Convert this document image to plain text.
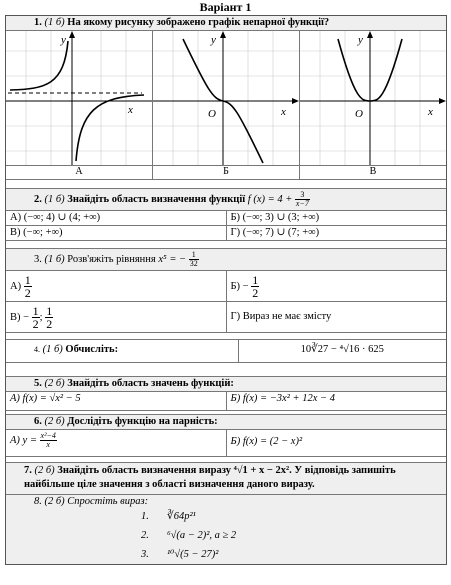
Варіант 1
1. (1 б) На якому рисунку зображено графік непарної функції?
y
x
y
x
O
y
x
O
А	Б	В
2. (1 б) Знайдіть область визначення функції f $(x) = 4 + \frac{3}{x-7}$
А) (−∞; 4) ∪ (4; +∞)	Б) (−∞; 3) ∪ (3; +∞)
В) (−∞; +∞)	Г) (−∞; 7) ∪ (7; +∞)
3. (1 б) Розв'яжіть рівняння x⁵ = − $\frac{1}{32}$
$А) \frac{1}{2}$	$Б) - \frac{1}{2}$
$В) - \frac{1}{2}$ ; $\frac{1}{2}$	Г) Вираз не має змісту
4. (1 б) Обчисліть:	10∛27 − ⁴√16 · 625
5. (2 б) Знайдіть область значень функцій:
А) f(x) = √x² − 5	Б) f(x) = −3x² + 12x − 4
6. (2 б) Дослідіть функцію на парність:
А) $y = \frac{\text{x²−4}}{x}$	Б) f(x) = (2 − x)²
7. (2 б) Знайдіть область визначення виразу ⁴√1 + x − 2x². У відповідь запишіть найбільше ціле значення з області визначення даного виразу.
8. (2 б) Спростіть вираз:
1. ∛64p²¹
2. ⁶√(a − 2)², a ≥ 2
3. ¹⁰√(5 − 27)²
